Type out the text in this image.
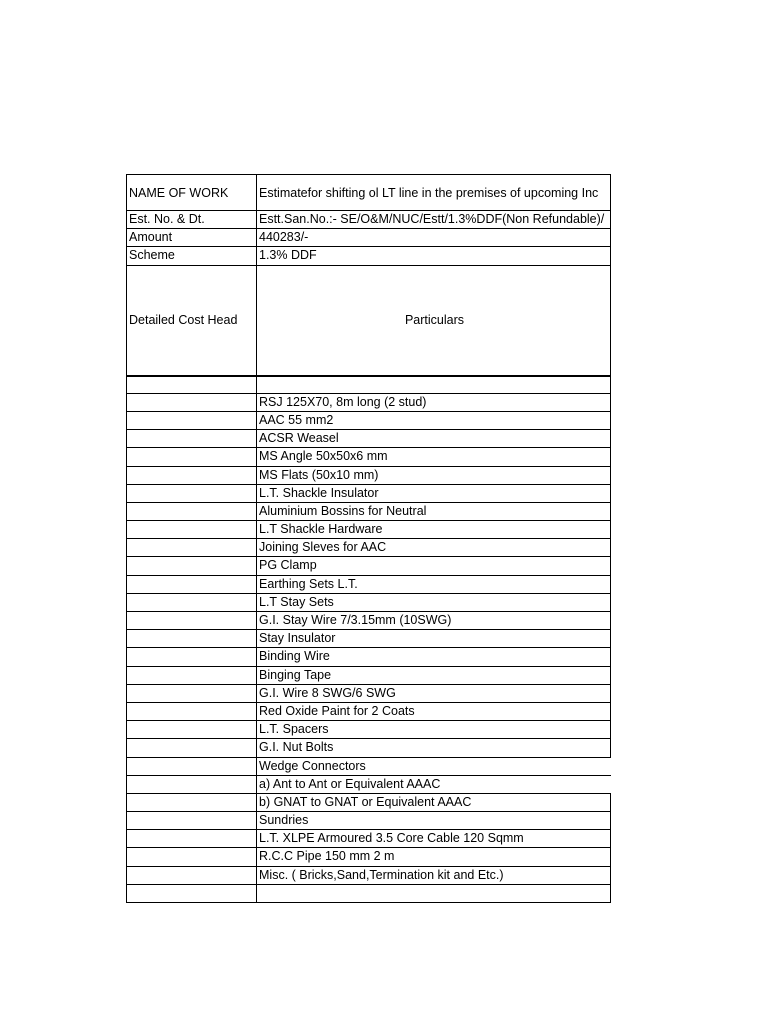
NAME OF WORK	Estimatefor shifting ol LT line in the premises of upcoming Inc
Est. No. & Dt.	Estt.San.No.:- SE/O&M/NUC/Estt/1.3%DDF(Non Refundable)/
Amount	440283/-
Scheme	1.3% DDF
Detailed Cost Head	Particulars
RSJ 125X70, 8m long (2 stud)
AAC 55 mm2
ACSR Weasel
MS Angle 50x50x6 mm
MS Flats (50x10 mm)
L.T. Shackle Insulator
Aluminium Bossins for Neutral
L.T Shackle Hardware
Joining Sleves for AAC
PG Clamp
Earthing Sets L.T.
L.T Stay Sets
G.I. Stay Wire 7/3.15mm (10SWG)
Stay Insulator
Binding Wire
Binging Tape
G.I. Wire 8 SWG/6 SWG
Red Oxide Paint for 2 Coats
L.T. Spacers
G.I. Nut Bolts
Wedge Connectors
a) Ant to Ant or Equivalent AAAC
b) GNAT to GNAT or Equivalent AAAC
Sundries
L.T. XLPE Armoured 3.5 Core Cable 120 Sqmm
R.C.C Pipe 150 mm 2 m
Misc. ( Bricks,Sand,Termination kit and Etc.)
